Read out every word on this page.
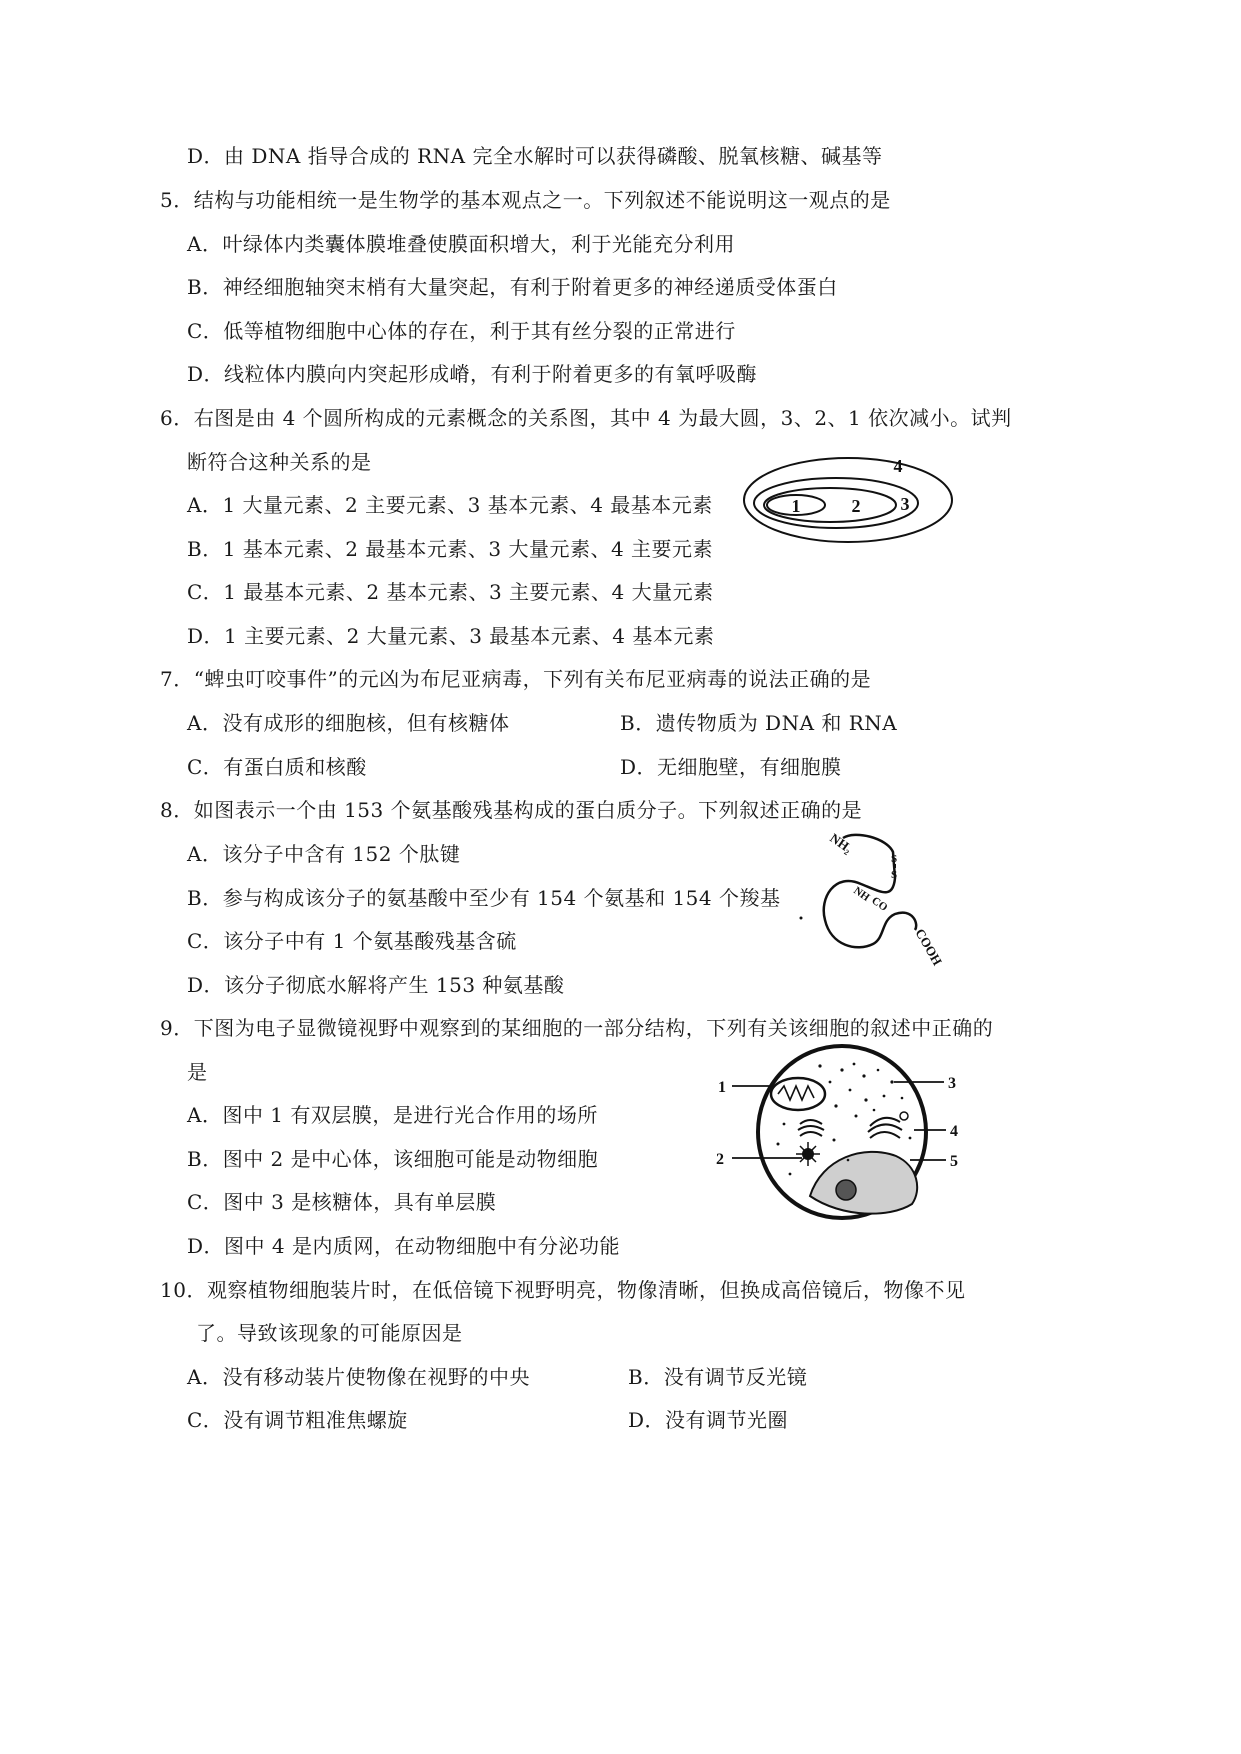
D．由 DNA 指导合成的 RNA 完全水解时可以获得磷酸、脱氧核糖、碱基等
5．结构与功能相统一是生物学的基本观点之一。下列叙述不能说明这一观点的是
A．叶绿体内类囊体膜堆叠使膜面积增大，利于光能充分利用
B．神经细胞轴突末梢有大量突起，有利于附着更多的神经递质受体蛋白
C．低等植物细胞中心体的存在，利于其有丝分裂的正常进行
D．线粒体内膜向内突起形成嵴，有利于附着更多的有氧呼吸酶
6．右图是由 4 个圆所构成的元素概念的关系图，其中 4 为最大圆，3、2、1 依次减小。试判
断符合这种关系的是
A．1 大量元素、2 主要元素、3 基本元素、4 最基本元素
B．1 基本元素、2 最基本元素、3 大量元素、4 主要元素
C．1 最基本元素、2 基本元素、3 主要元素、4 大量元素
D．1 主要元素、2 大量元素、3 最基本元素、4 基本元素
1	2 3
4
7．“蜱虫叮咬事件”的元凶为布尼亚病毒，下列有关布尼亚病毒的说法正确的是
A．没有成形的细胞核，但有核糖体	B．遗传物质为 DNA 和 RNA
C．有蛋白质和核酸	D．无细胞壁，有细胞膜
8．如图表示一个由 153 个氨基酸残基构成的蛋白质分子。下列叙述正确的是
A．该分子中含有 152 个肽键
B．参与构成该分子的氨基酸中至少有 154 个氨基和 154 个羧基
C．该分子中有 1 个氨基酸残基含硫
D．该分子彻底水解将产生 153 种氨基酸
NH₂
S
S
NH
CO
COOH
9．下图为电子显微镜视野中观察到的某细胞的一部分结构，下列有关该细胞的叙述中正确的
是
A．图中 1 有双层膜，是进行光合作用的场所
B．图中 2 是中心体，该细胞可能是动物细胞
C．图中 3 是核糖体，具有单层膜
D．图中 4 是内质网，在动物细胞中有分泌功能
1
2
3
4
5
10．观察植物细胞装片时，在低倍镜下视野明亮，物像清晰，但换成高倍镜后，物像不见
了。导致该现象的可能原因是
A．没有移动装片使物像在视野的中央	B．没有调节反光镜
C．没有调节粗准焦螺旋	D．没有调节光圈
